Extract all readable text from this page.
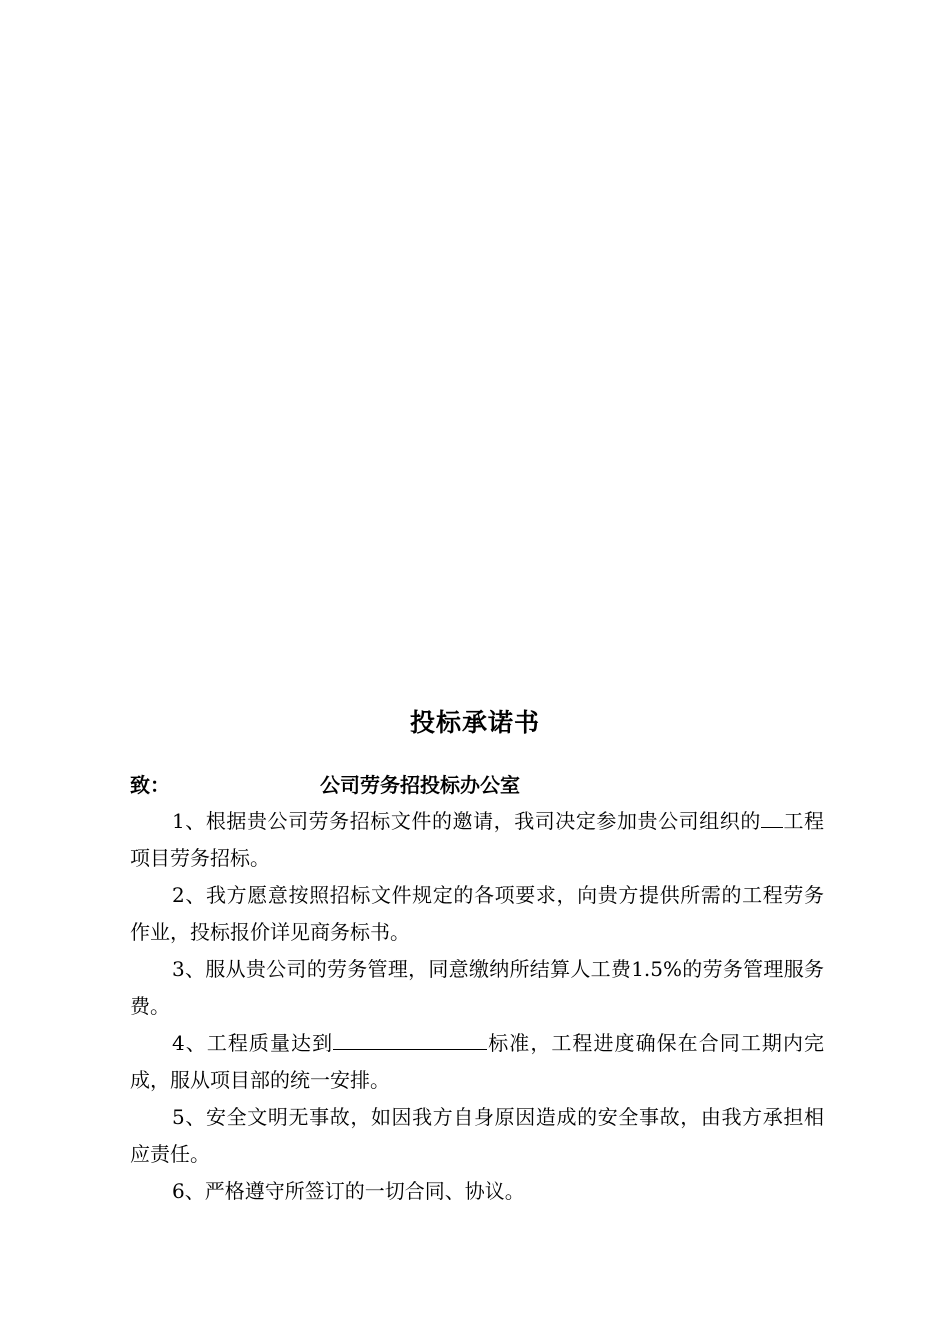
投标承诺书
致：	公司劳务招投标办公室

1、根据贵公司劳务招标文件的邀请，我司决定参加贵公司组织的 工程项目劳务招标。

2、我方愿意按照招标文件规定的各项要求，向贵方提供所需的工程劳务作业，投标报价详见商务标书。

3、服从贵公司的劳务管理，同意缴纳所结算人工费1.5%的劳务管理服务费。

4、工程质量达到	标准，工程进度确保在合同工期内完成，服从项目部的统一安排。

5、安全文明无事故，如因我方自身原因造成的安全事故，由我方承担相应责任。

6、严格遵守所签订的一切合同、协议。
